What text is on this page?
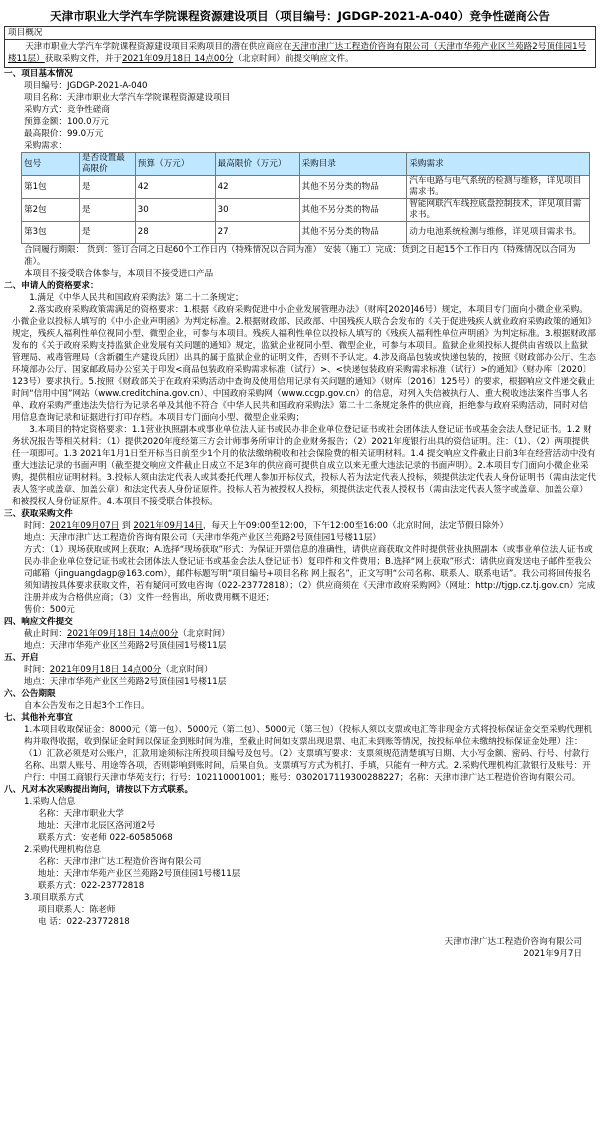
天津市职业大学汽车学院课程资源建设项目（项目编号：JGDGP-2021-A-040）竞争性磋商公告
项目概况
天津市职业大学汽车学院课程资源建设项目采购项目的潜在供应商应在天津市津广达工程造价咨询有限公司（天津市华苑产业区兰苑路2号顶佳园1号楼11层）获取采购文件，并于2021年09月18日 14点00分（北京时间）前提交响应文件。
一、项目基本情况
项目编号：JGDGP-2021-A-040
项目名称：天津市职业大学汽车学院课程资源建设项目
采购方式：竞争性磋商
预算金额：100.0万元
最高限价：99.0万元
采购需求：
包号	是否设置最高限价	预算（万元）	最高限价（万元）	采购目录	采购需求
第1包	是	42	42	其他不另分类的物品	汽车电路与电气系统的检测与维修，详见项目需求书。
第2包	是	30	30	其他不另分类的物品	智能网联汽车线控底盘控制技术，详见项目需求书。
第3包	是	28	27	其他不另分类的物品	动力电池系统检测与维修，详见项目需求书。
合同履行期限： 货到：签订合同之日起60个工作日内（特殊情况以合同为准） 安装（施工）完成：货到之日起15个工作日内（特殊情况以合同为准）。
本项目不接受联合体参与，本项目不接受进口产品
二、申请人的资格要求：
1.满足《中华人民共和国政府采购法》第二十二条规定；
2.落实政府采购政策需满足的资格要求：1.根据《政府采购促进中小企业发展管理办法》（财库[2020]46号）规定，本项目专门面向小微企业采购。小微企业以投标人填写的《中小企业声明函》为判定标准。2.根据财政部、民政部、中国残疾人联合会发布的《关于促进残疾人就业政府采购政策的通知》规定，残疾人福利性单位视同小型、微型企业，可参与本项目。残疾人福利性单位以投标人填写的《残疾人福利性单位声明函》为判定标准。3.根据财政部发布的《关于政府采购支持监狱企业发展有关问题的通知》规定，监狱企业视同小型、微型企业，可参与本项目。监狱企业须投标人提供由省级以上监狱管理局、戒毒管理局（含新疆生产建设兵团）出具的属于监狱企业的证明文件，否则不予认定。4.涉及商品包装或快递包装的，按照《财政部办公厅、生态环境部办公厅、国家邮政局办公室关于印发<商品包装政府采购需求标准（试行）>、<快递包装政府采购需求标准（试行）>的通知》（财办库〔2020〕123号）要求执行。5.按照《财政部关于在政府采购活动中查询及使用信用记录有关问题的通知》（财库〔2016〕125号）的要求，根据响应文件递交截止时间“信用中国”网站（www.creditchina.gov.cn）、中国政府采购网（www.ccgp.gov.cn）的信息，对列入失信被执行人、重大税收违法案件当事人名单、政府采购严重违法失信行为记录名单及其他不符合《中华人民共和国政府采购法》第二十二条规定条件的供应商，拒绝参与政府采购活动，同时对信用信息查询记录和证据进行打印存档。本项目专门面向小型、微型企业采购；
3.本项目的特定资格要求：1.1营业执照副本或事业单位法人证书或民办非企业单位登记证书或社会团体法人登记证书或基金会法人登记证书。1.2 财务状况报告等相关材料：（1）提供2020年度经第三方会计师事务所审计的企业财务报告；（2）2021年度银行出具的资信证明。注：（1）、（2）两项提供任一项即可。1.3 2021年1月1日至开标当日前至少1个月的依法缴纳税收和社会保险费的相关证明材料。1.4 提交响应文件截止日前3年在经营活动中没有重大违法记录的书面声明（截至提交响应文件截止日成立不足3年的供应商可提供自成立以来无重大违法记录的书面声明）。2.本项目专门面向小微企业采购，提供相应证明材料。3.投标人须由法定代表人或其委托代理人参加开标仪式，投标人若为法定代表人投标，须提供法定代表人身份证明书（需由法定代表人签字或盖章、加盖公章）和法定代表人身份证原件。投标人若为被授权人投标，须提供法定代表人授权书（需由法定代表人签字或盖章、加盖公章）和被授权人身份证原件。4.本项目不接受联合体投标。
三、获取采购文件
时间：2021年09月07日 到 2021年09月14日，每天上午09:00至12:00，下午12:00至16:00（北京时间，法定节假日除外）
地点：天津市津广达工程造价咨询有限公司（天津市华苑产业区兰苑路2号顶佳园1号楼11层）
方式：（1）现场获取或网上获取；A.选择“现场获取”形式：为保证开票信息的准确性，请供应商获取文件时提供营业执照副本（或事业单位法人证书或民办非企业单位登记证书或社会团体法人登记证书或基金会法人登记证书）复印件和文件费用；B.选择“网上获取”形式：请供应商发送电子邮件至我公司邮箱（jinguangdagp@163.com），邮件标题写明“项目编号+项目名称 网上报名”，正文写明“公司名称、联系人、联系电话”。我公司将回传报名须知请按具体要求获取文件，若有疑问可致电咨询（022-23772818）；（2）供应商须在《天津市政府采购网》（网址：http://tjgp.cz.tj.gov.cn）完成注册并成为合格供应商；（3）文件一经售出，所收费用概不退还；
售价：500元
四、响应文件提交
截止时间：2021年09月18日 14点00分（北京时间）
地点：天津市华苑产业区兰苑路2号顶佳园1号楼11层
五、开启
时间：2021年09月18日 14点00分（北京时间）
地点：天津市华苑产业区兰苑路2号顶佳园1号楼11层
六、公告期限
自本公告发布之日起3个工作日。
七、其他补充事宜
1.本项目收取保证金：8000元（第一包）、5000元（第二包）、5000元（第三包）（投标人须以支票或电汇等非现金方式将投标保证金交至采购代理机构并取得收据，收到保证金时间以保证金到账时间为准，至截止时间如支票出现退票、电汇未到账等情况，按投标单位未缴纳投标保证金处理）注：（1）汇款必须是对公账户，汇款用途须标注所投项目编号及包号。（2）支票填写要求：支票须规范清楚填写日期、大小写金额、密码、行号、付款行名称、出票人账号、用途等各项，否则影响到账时间，后果自负。支票填写方式为机打、手填，只能有一种方式。2.采购代理机构汇款银行及账号：开户行：中国工商银行天津市华苑支行；行号：102110001001；账号：0302017119300288227；名称：天津市津广达工程造价咨询有限公司。
八、凡对本次采购提出询问，请按以下方式联系。
1.采购人信息
名称：天津市职业大学
地址：天津市北辰区洛河道2号
联系方式：安老师 022-60585068
2.采购代理机构信息
名称：天津市津广达工程造价咨询有限公司
地址：天津市华苑产业区兰苑路2号顶佳园1号楼11层
联系方式：022-23772818
3.项目联系方式
项目联系人：陈老师
电 话：022-23772818
天津市津广达工程造价咨询有限公司
2021年9月7日
